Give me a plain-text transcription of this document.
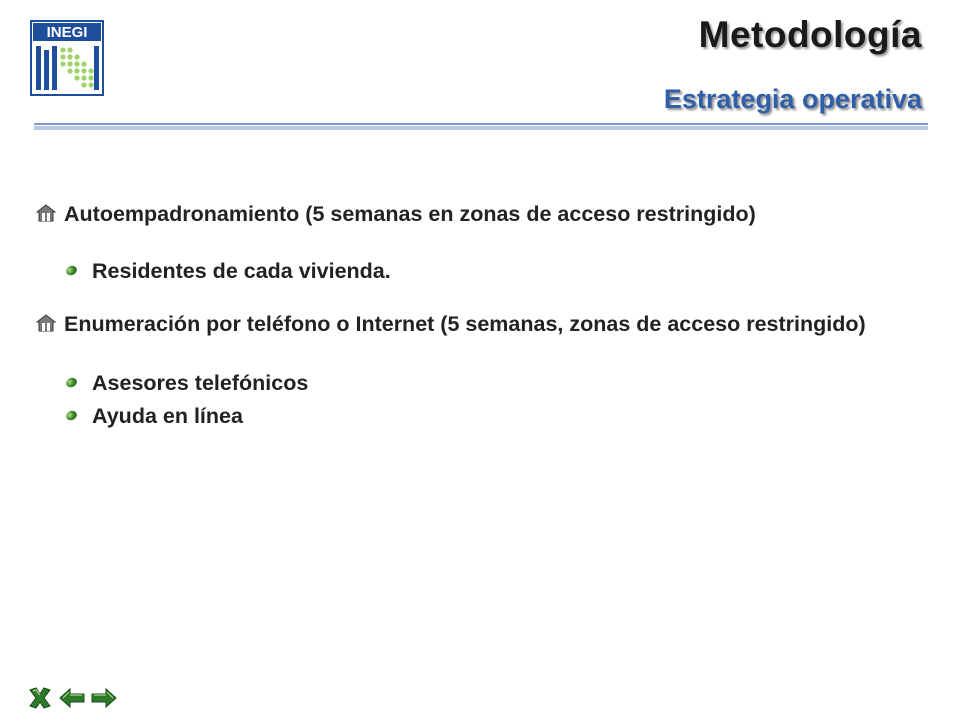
INEGI	Metodología
Estrategia operativa
Autoempadronamiento (5 semanas en zonas de acceso restringido)
Residentes de cada vivienda.
Enumeración por teléfono o Internet (5 semanas, zonas de acceso restringido)
Asesores telefónicos
Ayuda en línea
